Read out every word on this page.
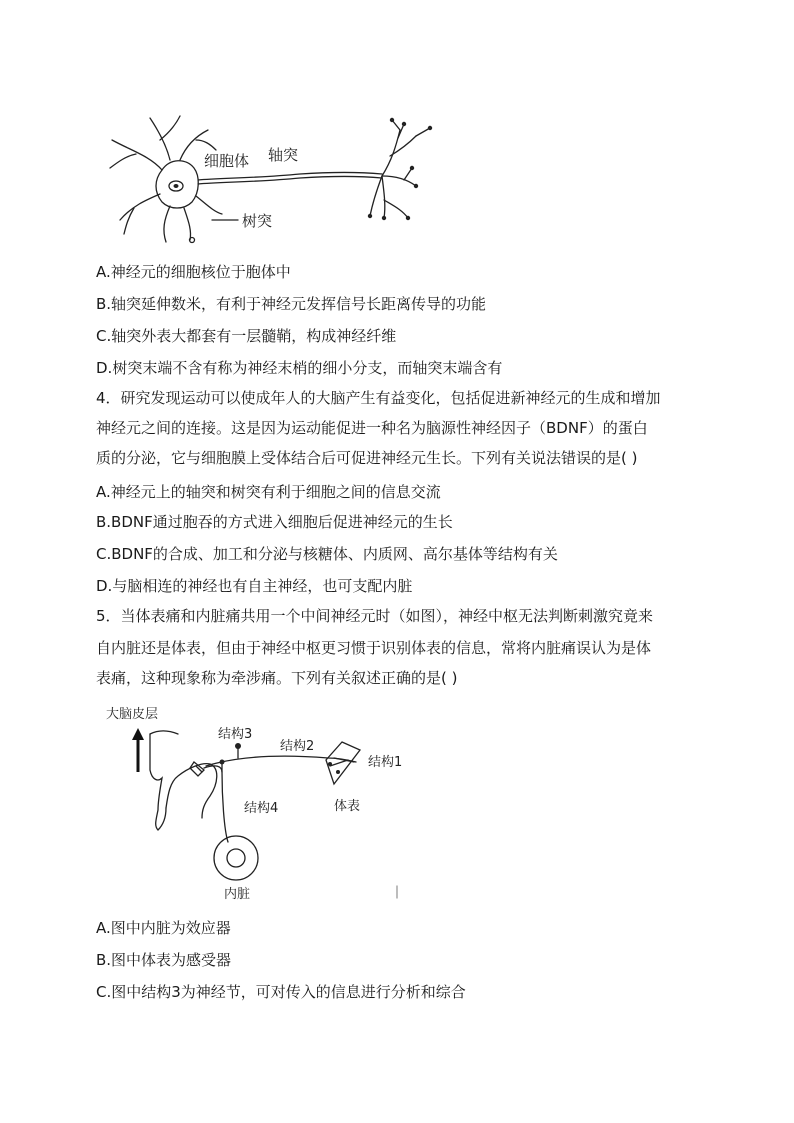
细胞体 轴突
树突
A.神经元的细胞核位于胞体中
B.轴突延伸数米，有利于神经元发挥信号长距离传导的功能
C.轴突外表大都套有一层髓鞘，构成神经纤维
D.树突末端不含有称为神经末梢的细小分支，而轴突末端含有
4．研究发现运动可以使成年人的大脑产生有益变化，包括促进新神经元的生成和增加
神经元之间的连接。这是因为运动能促进一种名为脑源性神经因子（BDNF）的蛋白
质的分泌，它与细胞膜上受体结合后可促进神经元生长。下列有关说法错误的是( )
A.神经元上的轴突和树突有利于细胞之间的信息交流
B.BDNF通过胞吞的方式进入细胞后促进神经元的生长
C.BDNF的合成、加工和分泌与核糖体、内质网、高尔基体等结构有关
D.与脑相连的神经也有自主神经，也可支配内脏
5．当体表痛和内脏痛共用一个中间神经元时（如图），神经中枢无法判断刺激究竟来
自内脏还是体表，但由于神经中枢更习惯于识别体表的信息，常将内脏痛误认为是体
表痛，这种现象称为牵涉痛。下列有关叙述正确的是( )
大脑皮层
结构3
结构2
结构1
结构4	体表
内脏
A.图中内脏为效应器
B.图中体表为感受器
C.图中结构3为神经节，可对传入的信息进行分析和综合
